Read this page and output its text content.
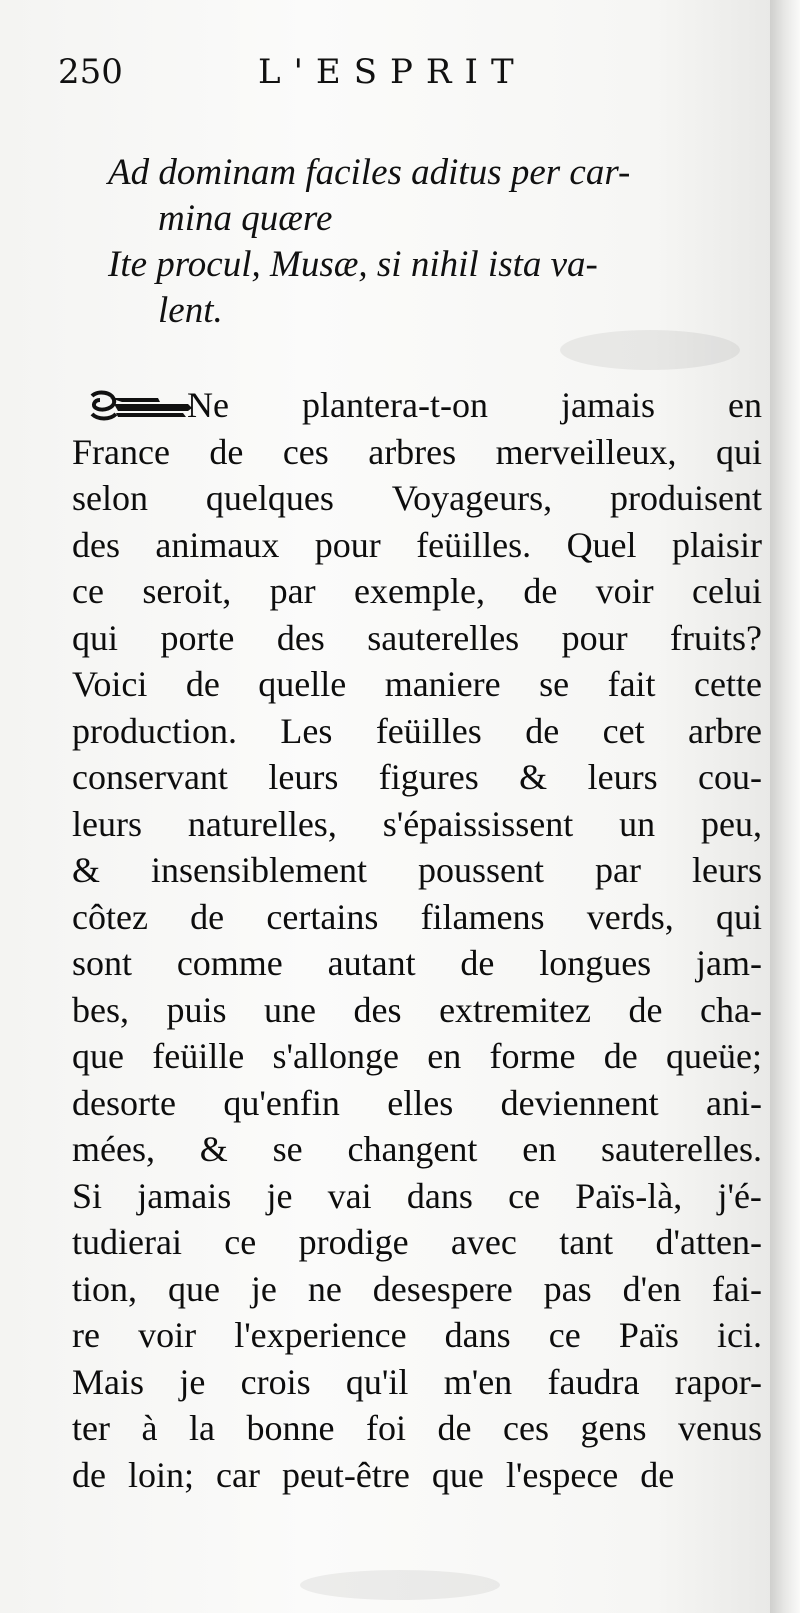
250	L'ESPRIT
Ad dominam faciles aditus per car-
mina quære
Ite procul, Musæ, si nihil ista va-
lent.
Ne plantera-t-on jamais en
France de ces arbres merveilleux, qui
selon quelques Voyageurs, produisent
des animaux pour feüilles. Quel plaisir
ce seroit, par exemple, de voir celui
qui porte des sauterelles pour fruits?
Voici de quelle maniere se fait cette
production. Les feüilles de cet arbre
conservant leurs figures & leurs cou-
leurs naturelles, s'épaississent un peu,
& insensiblement poussent par leurs
côtez de certains filamens verds, qui
sont comme autant de longues jam-
bes, puis une des extremitez de cha-
que feüille s'allonge en forme de queüe;
desorte qu'enfin elles deviennent ani-
mées, & se changent en sauterelles.
Si jamais je vai dans ce Païs-là, j'é-
tudierai ce prodige avec tant d'atten-
tion, que je ne desespere pas d'en fai-
re voir l'experience dans ce Païs ici.
Mais je crois qu'il m'en faudra rapor-
ter à la bonne foi de ces gens venus
de loin; car peut-être que l'espece de
